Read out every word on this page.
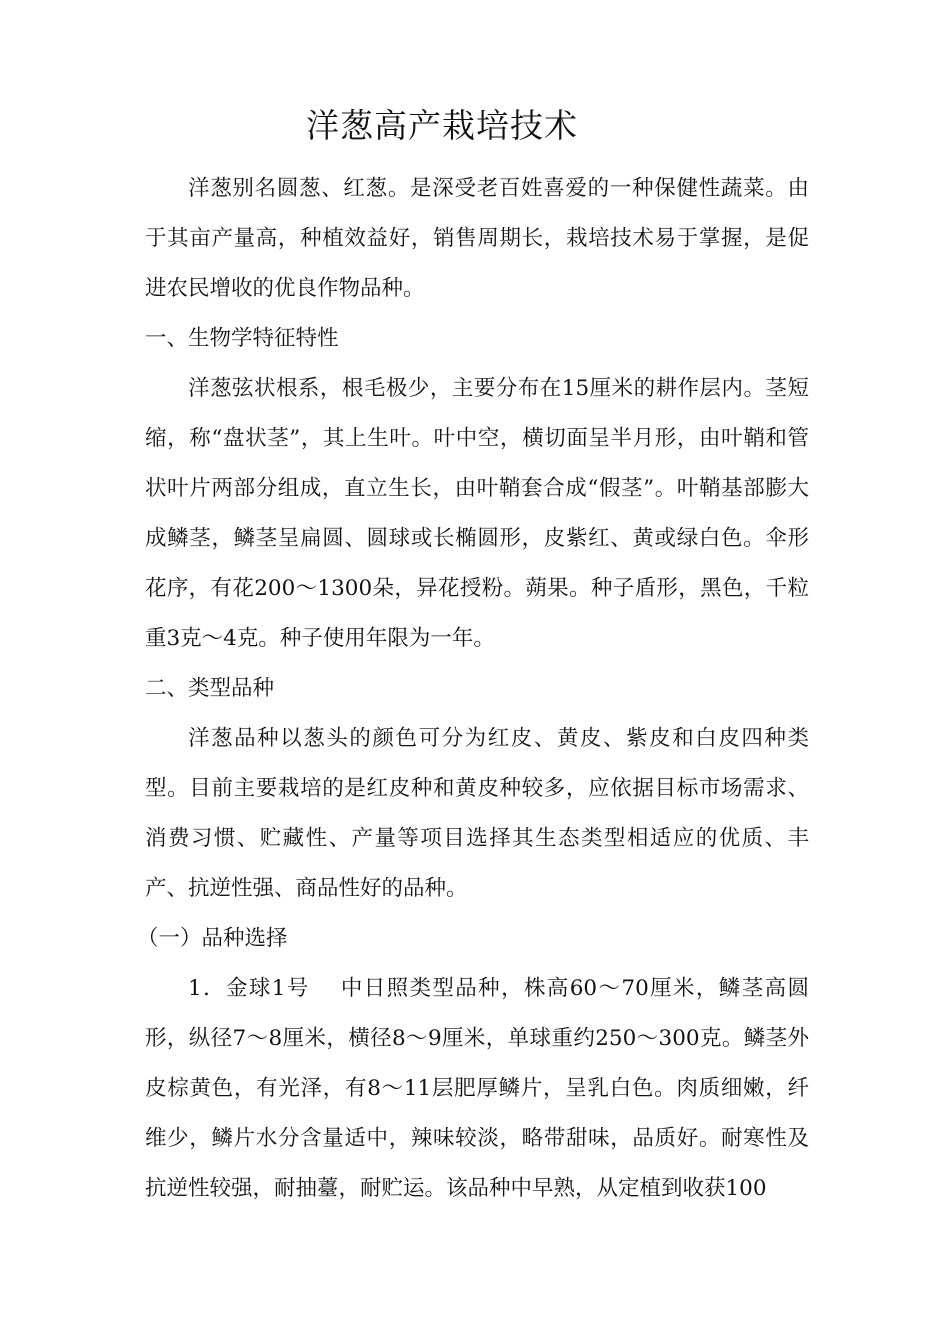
洋葱高产栽培技术

洋葱别名圆葱、红葱。是深受老百姓喜爱的一种保健性蔬菜。由于其亩产量高，种植效益好，销售周期长，栽培技术易于掌握，是促进农民增收的优良作物品种。

一、生物学特征特性

洋葱弦状根系，根毛极少，主要分布在15厘米的耕作层内。茎短缩，称“盘状茎”，其上生叶。叶中空，横切面呈半月形，由叶鞘和管状叶片两部分组成，直立生长，由叶鞘套合成“假茎”。叶鞘基部膨大成鳞茎，鳞茎呈扁圆、圆球或长椭圆形，皮紫红、黄或绿白色。伞形花序，有花200～1300朵，异花授粉。蒴果。种子盾形，黑色，千粒重3克～4克。种子使用年限为一年。

二、类型品种

洋葱品种以葱头的颜色可分为红皮、黄皮、紫皮和白皮四种类型。目前主要栽培的是红皮种和黄皮种较多，应依据目标市场需求、消费习惯、贮藏性、产量等项目选择其生态类型相适应的优质、丰产、抗逆性强、商品性好的品种。

（一）品种选择

1．金球1号　 中日照类型品种，株高60～70厘米，鳞茎高圆形，纵径7～8厘米，横径8～9厘米，单球重约250～300克。鳞茎外皮棕黄色，有光泽，有8～11层肥厚鳞片，呈乳白色。肉质细嫩，纤维少，鳞片水分含量适中，辣味较淡，略带甜味，品质好。耐寒性及抗逆性较强，耐抽薹，耐贮运。该品种中早熟，从定植到收获100
